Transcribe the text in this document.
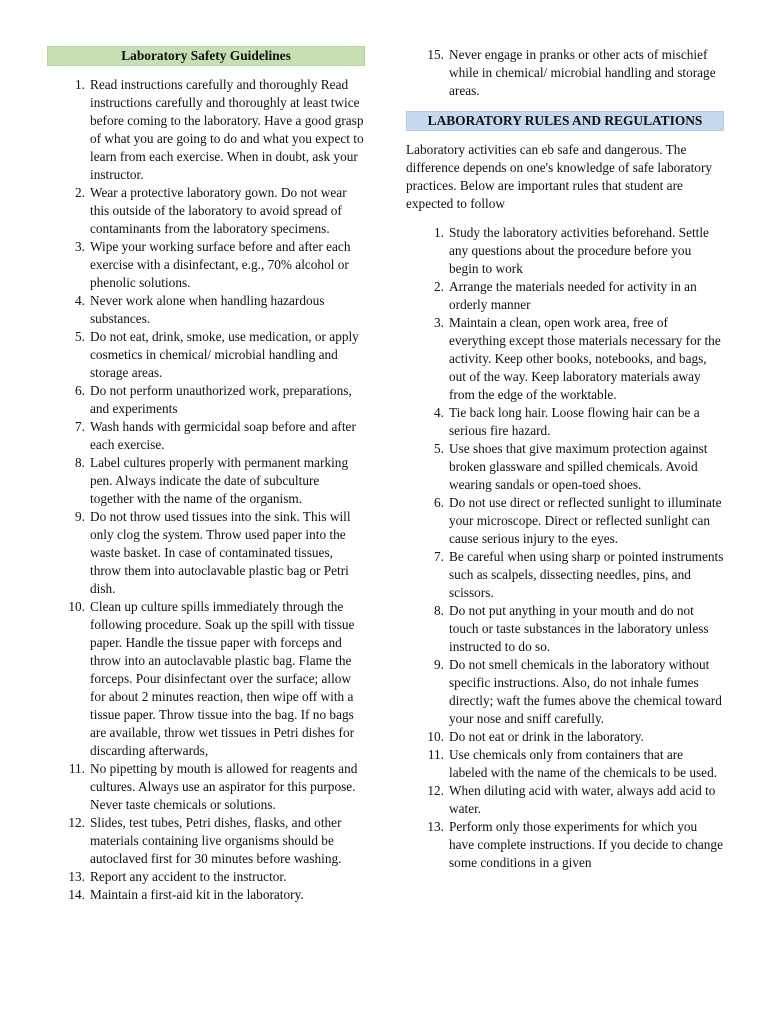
Laboratory Safety Guidelines
1. Read instructions carefully and thoroughly Read instructions carefully and thoroughly at least twice before coming to the laboratory. Have a good grasp of what you are going to do and what you expect to learn from each exercise. When in doubt, ask your instructor.
2. Wear a protective laboratory gown. Do not wear this outside of the laboratory to avoid spread of contaminants from the laboratory specimens.
3. Wipe your working surface before and after each exercise with a disinfectant, e.g., 70% alcohol or phenolic solutions.
4. Never work alone when handling hazardous substances.
5. Do not eat, drink, smoke, use medication, or apply cosmetics in chemical/ microbial handling and storage areas.
6. Do not perform unauthorized work, preparations, and experiments
7. Wash hands with germicidal soap before and after each exercise.
8. Label cultures properly with permanent marking pen. Always indicate the date of subculture together with the name of the organism.
9. Do not throw used tissues into the sink. This will only clog the system. Throw used paper into the waste basket. In case of contaminated tissues, throw them into autoclavable plastic bag or Petri dish.
10. Clean up culture spills immediately through the following procedure. Soak up the spill with tissue paper. Handle the tissue paper with forceps and throw into an autoclavable plastic bag. Flame the forceps. Pour disinfectant over the surface; allow for about 2 minutes reaction, then wipe off with a tissue paper. Throw tissue into the bag. If no bags are available, throw wet tissues in Petri dishes for discarding afterwards,
11. No pipetting by mouth is allowed for reagents and cultures. Always use an aspirator for this purpose. Never taste chemicals or solutions.
12. Slides, test tubes, Petri dishes, flasks, and other materials containing live organisms should be autoclaved first for 30 minutes before washing.
13. Report any accident to the instructor.
14. Maintain a first-aid kit in the laboratory.
15. Never engage in pranks or other acts of mischief while in chemical/ microbial handling and storage areas.
LABORATORY RULES AND REGULATIONS

Laboratory activities can eb safe and dangerous. The difference depends on one's knowledge of safe laboratory practices. Below are important rules that student are expected to follow

1. Study the laboratory activities beforehand. Settle any questions about the procedure before you begin to work
2. Arrange the materials needed for activity in an orderly manner
3. Maintain a clean, open work area, free of everything except those materials necessary for the activity. Keep other books, notebooks, and bags, out of the way. Keep laboratory materials away from the edge of the worktable.
4. Tie back long hair. Loose flowing hair can be a serious fire hazard.
5. Use shoes that give maximum protection against broken glassware and spilled chemicals. Avoid wearing sandals or open-toed shoes.
6. Do not use direct or reflected sunlight to illuminate your microscope. Direct or reflected sunlight can cause serious injury to the eyes.
7. Be careful when using sharp or pointed instruments such as scalpels, dissecting needles, pins, and scissors.
8. Do not put anything in your mouth and do not touch or taste substances in the laboratory unless instructed to do so.
9. Do not smell chemicals in the laboratory without specific instructions. Also, do not inhale fumes directly; waft the fumes above the chemical toward your nose and sniff carefully.
10. Do not eat or drink in the laboratory.
11. Use chemicals only from containers that are labeled with the name of the chemicals to be used.
12. When diluting acid with water, always add acid to water.
13. Perform only those experiments for which you have complete instructions. If you decide to change some conditions in a given
